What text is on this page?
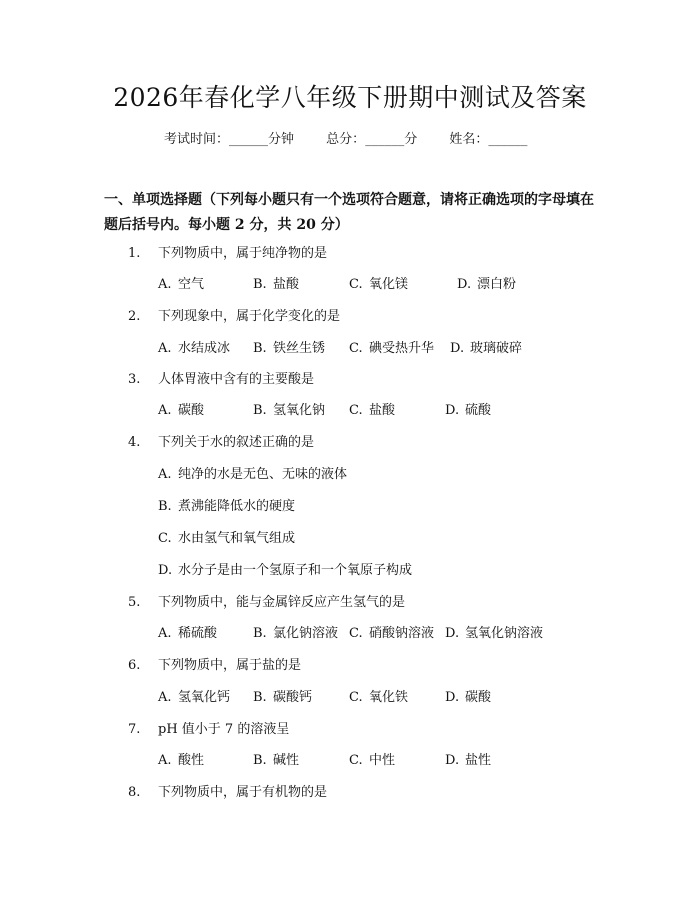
2026年春化学八年级下册期中测试及答案
考试时间：______分钟 总分：______分 姓名：______
一、单项选择题（下列每小题只有一个选项符合题意，请将正确选项的字母填在题后括号内。每小题 2 分，共 20 分）
1. 下列物质中，属于纯净物的是
A. 空气	B. 盐酸	C. 氧化镁	D. 漂白粉
2. 下列现象中，属于化学变化的是
A. 水结成冰 B. 铁丝生锈 C. 碘受热升华 D. 玻璃破碎
3. 人体胃液中含有的主要酸是
A. 碳酸	B. 氢氧化钠 C. 盐酸	D. 硫酸
4. 下列关于水的叙述正确的是
A. 纯净的水是无色、无味的液体
B. 煮沸能降低水的硬度
C. 水由氢气和氧气组成
D. 水分子是由一个氢原子和一个氧原子构成
5. 下列物质中，能与金属锌反应产生氢气的是
A. 稀硫酸	B. 氯化钠溶液 C. 硝酸钠溶液 D. 氢氧化钠溶液
6. 下列物质中，属于盐的是
A. 氢氧化钙 B. 碳酸钙	C. 氧化铁	D. 碳酸
7. pH 值小于 7 的溶液呈
A. 酸性	B. 碱性	C. 中性	D. 盐性
8. 下列物质中，属于有机物的是
